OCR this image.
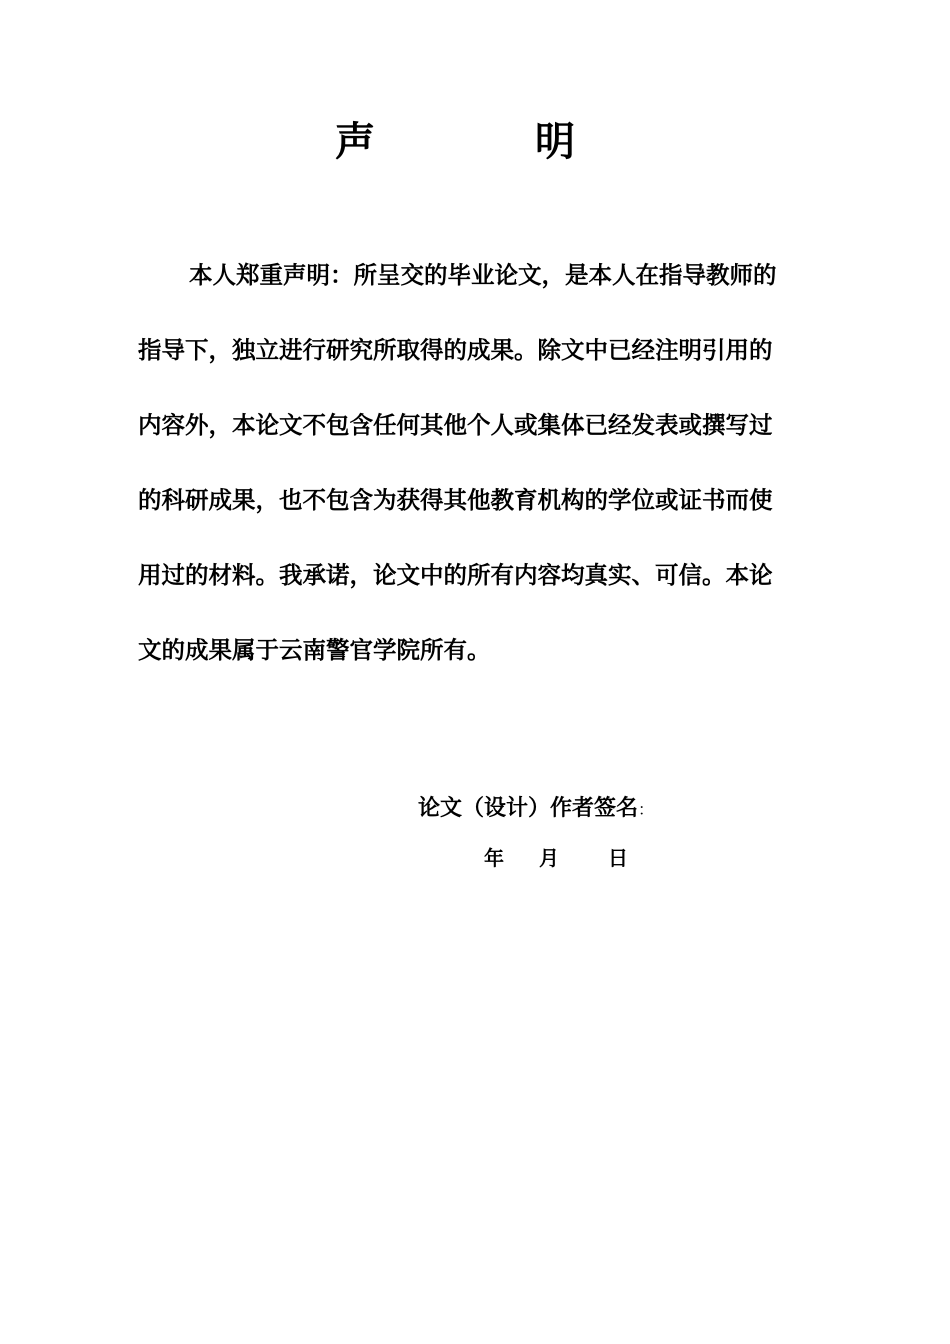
声　明
本人郑重声明：所呈交的毕业论文，是本人在指导教师的
指导下，独立进行研究所取得的成果。除文中已经注明引用的
内容外，本论文不包含任何其他个人或集体已经发表或撰写过
的科研成果，也不包含为获得其他教育机构的学位或证书而使
用过的材料。我承诺，论文中的所有内容均真实、可信。本论
文的成果属于云南警官学院所有。
论文（设计）作者签名：
年 月 日
